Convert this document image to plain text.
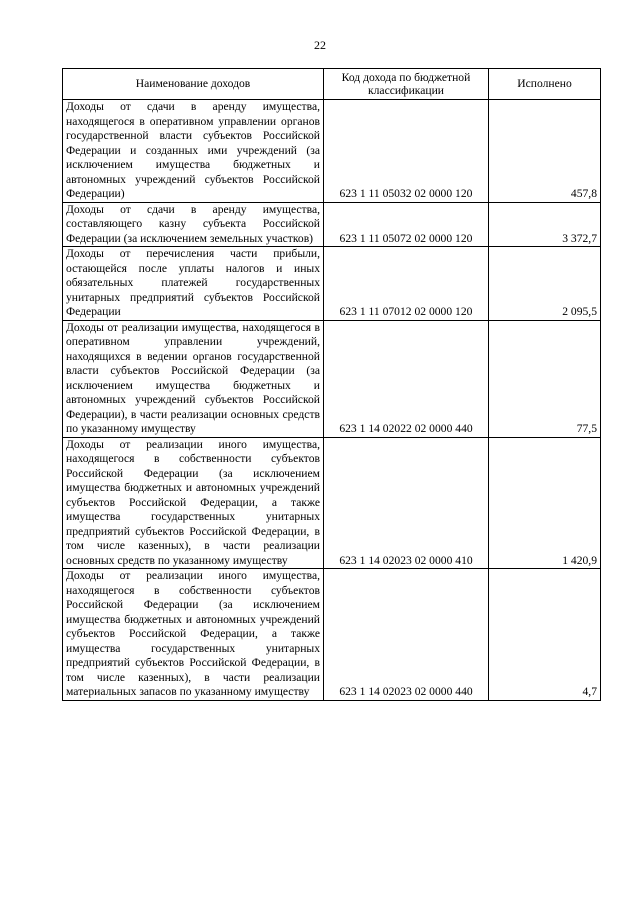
22
Наименование доходов	Код дохода по бюджетной классификации	Исполнено
Доходы от сдачи в аренду имущества, находящегося в оперативном управлении органов государственной власти субъектов Российской Федерации и созданных ими учреждений (за исключением имущества бюджетных и автономных учреждений субъектов Российской Федерации)	623 1 11 05032 02 0000 120	457,8
Доходы от сдачи в аренду имущества, составляющего казну субъекта Российской Федерации (за исключением земельных участков)	623 1 11 05072 02 0000 120	3 372,7
Доходы от перечисления части прибыли, остающейся после уплаты налогов и иных обязательных платежей государственных унитарных предприятий субъектов Российской Федерации	623 1 11 07012 02 0000 120	2 095,5
Доходы от реализации имущества, находящегося в оперативном управлении учреждений, находящихся в ведении органов государственной власти субъектов Российской Федерации (за исключением имущества бюджетных и автономных учреждений субъектов Российской Федерации), в части реализации основных средств по указанному имуществу	623 1 14 02022 02 0000 440	77,5
Доходы от реализации иного имущества, находящегося в собственности субъектов Российской Федерации (за исключением имущества бюджетных и автономных учреждений субъектов Российской Федерации, а также имущества государственных унитарных предприятий субъектов Российской Федерации, в том числе казенных), в части реализации основных средств по указанному имуществу	623 1 14 02023 02 0000 410	1 420,9
Доходы от реализации иного имущества, находящегося в собственности субъектов Российской Федерации (за исключением имущества бюджетных и автономных учреждений субъектов Российской Федерации, а также имущества государственных унитарных предприятий субъектов Российской Федерации, в том числе казенных), в части реализации материальных запасов по указанному имуществу	623 1 14 02023 02 0000 440	4,7
